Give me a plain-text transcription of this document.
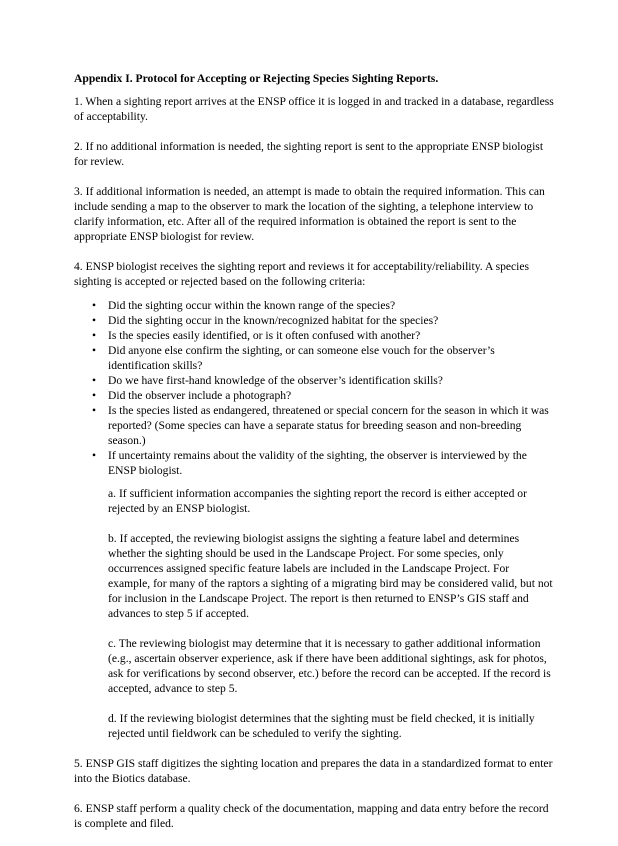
Appendix I. Protocol for Accepting or Rejecting Species Sighting Reports.

1. When a sighting report arrives at the ENSP office it is logged in and tracked in a database, regardless of acceptability.

2. If no additional information is needed, the sighting report is sent to the appropriate ENSP biologist for review.

3. If additional information is needed, an attempt is made to obtain the required information. This can include sending a map to the observer to mark the location of the sighting, a telephone interview to clarify information, etc. After all of the required information is obtained the report is sent to the appropriate ENSP biologist for review.

4. ENSP biologist receives the sighting report and reviews it for acceptability/reliability. A species sighting is accepted or rejected based on the following criteria:

• Did the sighting occur within the known range of the species?
• Did the sighting occur in the known/recognized habitat for the species?
• Is the species easily identified, or is it often confused with another?
• Did anyone else confirm the sighting, or can someone else vouch for the observer’s identification skills?
• Do we have first-hand knowledge of the observer’s identification skills?
• Did the observer include a photograph?
• Is the species listed as endangered, threatened or special concern for the season in which it was reported? (Some species can have a separate status for breeding season and non-breeding season.)
• If uncertainty remains about the validity of the sighting, the observer is interviewed by the ENSP biologist.

a. If sufficient information accompanies the sighting report the record is either accepted or rejected by an ENSP biologist.

b. If accepted, the reviewing biologist assigns the sighting a feature label and determines whether the sighting should be used in the Landscape Project. For some species, only occurrences assigned specific feature labels are included in the Landscape Project. For example, for many of the raptors a sighting of a migrating bird may be considered valid, but not for inclusion in the Landscape Project. The report is then returned to ENSP’s GIS staff and advances to step 5 if accepted.

c. The reviewing biologist may determine that it is necessary to gather additional information (e.g., ascertain observer experience, ask if there have been additional sightings, ask for photos, ask for verifications by second observer, etc.) before the record can be accepted. If the record is accepted, advance to step 5.

d. If the reviewing biologist determines that the sighting must be field checked, it is initially rejected until fieldwork can be scheduled to verify the sighting.

5. ENSP GIS staff digitizes the sighting location and prepares the data in a standardized format to enter into the Biotics database.

6. ENSP staff perform a quality check of the documentation, mapping and data entry before the record is complete and filed.
